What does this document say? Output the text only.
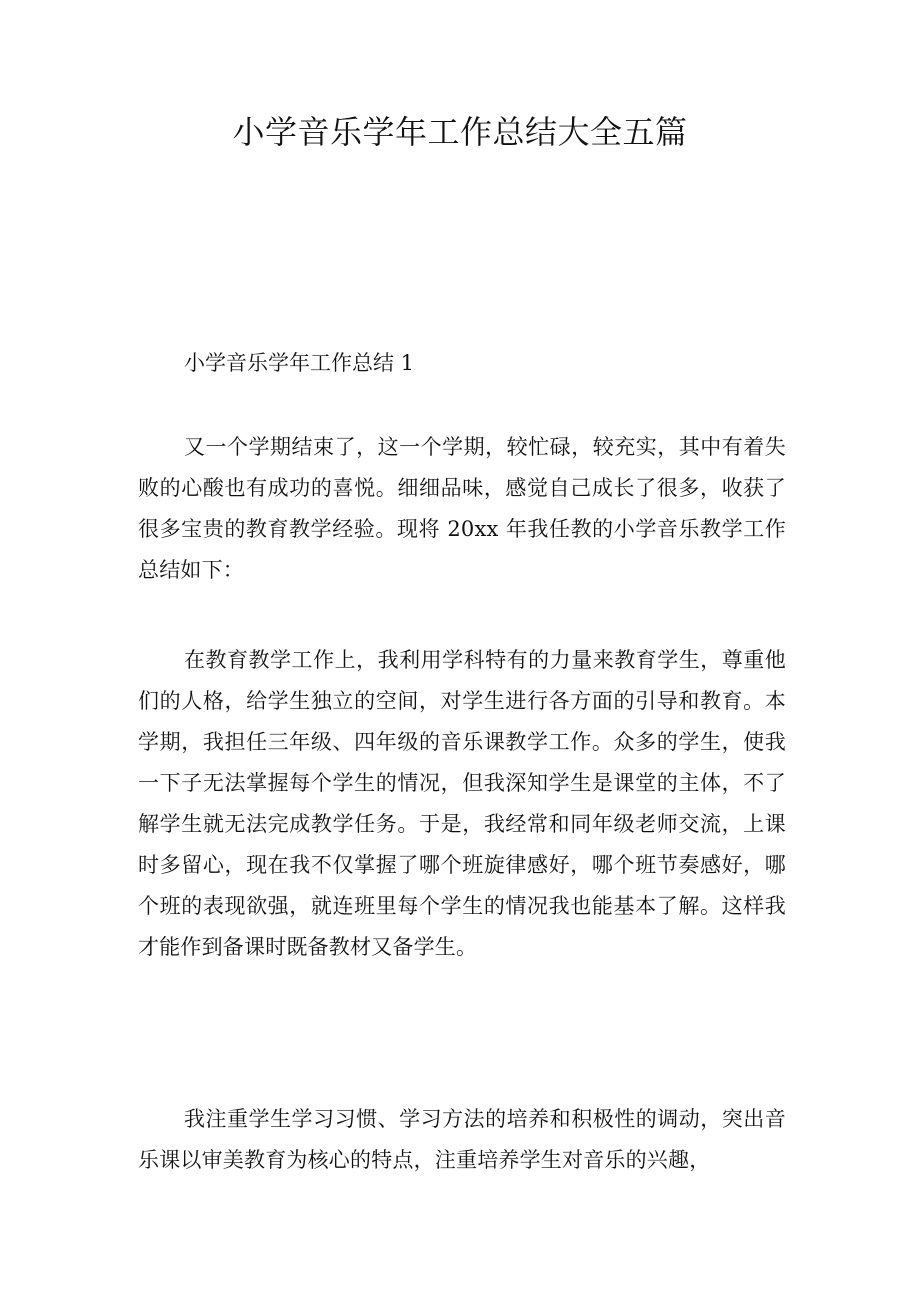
小学音乐学年工作总结大全五篇

小学音乐学年工作总结 1

又一个学期结束了，这一个学期，较忙碌，较充实，其中有着失败的心酸也有成功的喜悦。细细品味，感觉自己成长了很多，收获了很多宝贵的教育教学经验。现将 20xx 年我任教的小学音乐教学工作总结如下：

在教育教学工作上，我利用学科特有的力量来教育学生，尊重他们的人格，给学生独立的空间，对学生进行各方面的引导和教育。本学期，我担任三年级、四年级的音乐课教学工作。众多的学生，使我一下子无法掌握每个学生的情况，但我深知学生是课堂的主体，不了解学生就无法完成教学任务。于是，我经常和同年级老师交流，上课时多留心，现在我不仅掌握了哪个班旋律感好，哪个班节奏感好，哪个班的表现欲强，就连班里每个学生的情况我也能基本了解。这样我才能作到备课时既备教材又备学生。

我注重学生学习习惯、学习方法的培养和积极性的调动，突出音乐课以审美教育为核心的特点，注重培养学生对音乐的兴趣，
